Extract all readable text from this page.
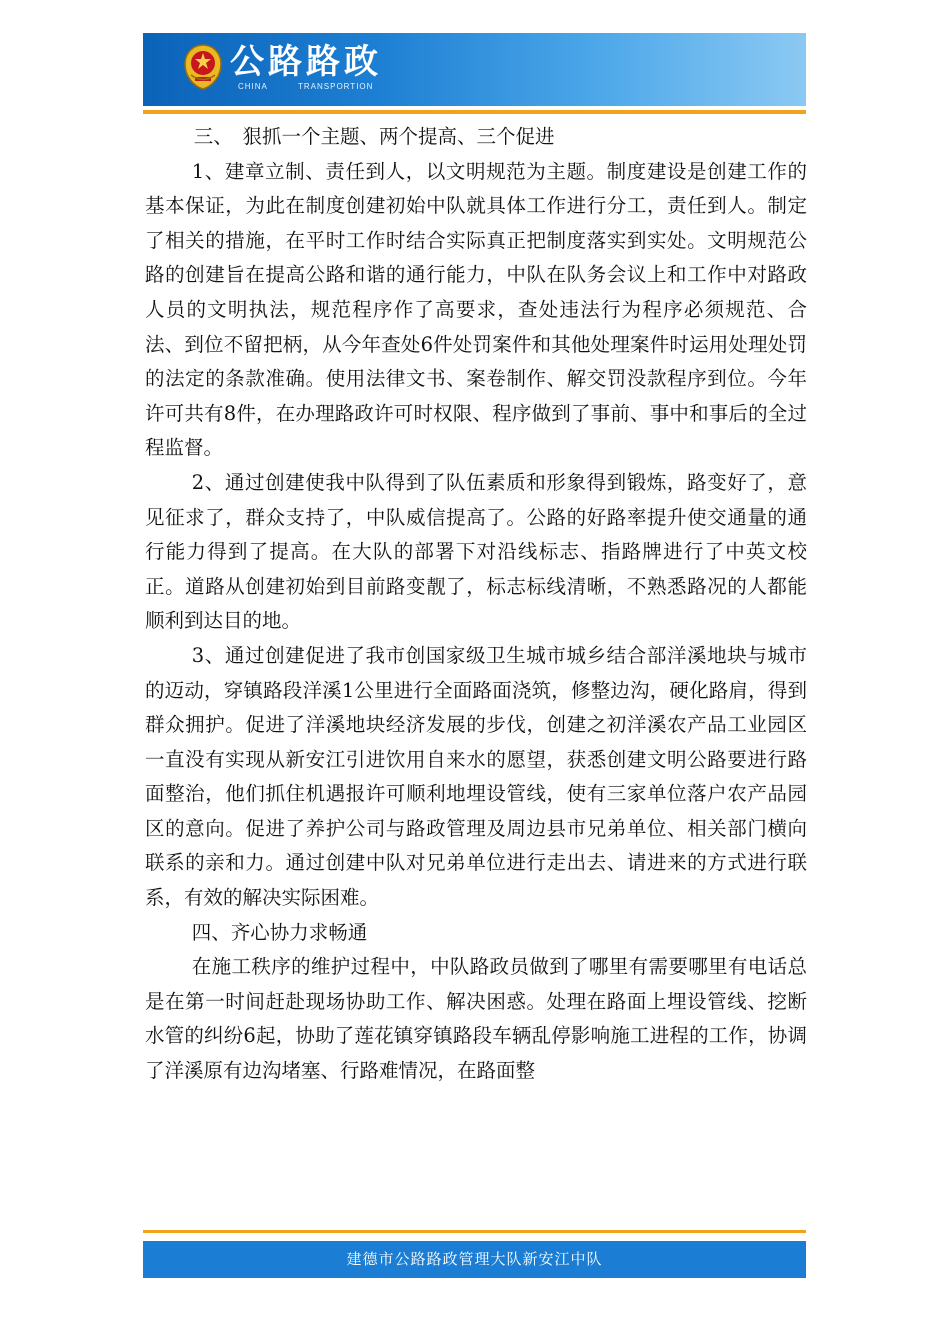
公路路政
CHINA	TRANSPORTION

三、　狠抓一个主题、两个提高、三个促进

1、建章立制、责任到人，以文明规范为主题。制度建设是创建工作的基本保证，为此在制度创建初始中队就具体工作进行分工，责任到人。制定了相关的措施，在平时工作时结合实际真正把制度落实到实处。文明规范公路的创建旨在提高公路和谐的通行能力，中队在队务会议上和工作中对路政人员的文明执法，规范程序作了高要求，查处违法行为程序必须规范、合法、到位不留把柄，从今年查处6件处罚案件和其他处理案件时运用处理处罚的法定的条款准确。使用法律文书、案卷制作、解交罚没款程序到位。今年许可共有8件，在办理路政许可时权限、程序做到了事前、事中和事后的全过程监督。

2、通过创建使我中队得到了队伍素质和形象得到锻炼，路变好了，意见征求了，群众支持了，中队威信提高了。公路的好路率提升使交通量的通行能力得到了提高。在大队的部署下对沿线标志、指路牌进行了中英文校正。道路从创建初始到目前路变靓了，标志标线清晰，不熟悉路况的人都能顺利到达目的地。

3、通过创建促进了我市创国家级卫生城市城乡结合部洋溪地块与城市的迈动，穿镇路段洋溪1公里进行全面路面浇筑，修整边沟，硬化路肩，得到群众拥护。促进了洋溪地块经济发展的步伐，创建之初洋溪农产品工业园区一直没有实现从新安江引进饮用自来水的愿望，获悉创建文明公路要进行路面整治，他们抓住机遇报许可顺利地埋设管线，使有三家单位落户农产品园区的意向。促进了养护公司与路政管理及周边县市兄弟单位、相关部门横向联系的亲和力。通过创建中队对兄弟单位进行走出去、请进来的方式进行联系，有效的解决实际困难。

四、齐心协力求畅通

在施工秩序的维护过程中，中队路政员做到了哪里有需要哪里有电话总是在第一时间赶赴现场协助工作、解决困惑。处理在路面上埋设管线、挖断水管的纠纷6起，协助了莲花镇穿镇路段车辆乱停影响施工进程的工作，协调了洋溪原有边沟堵塞、行路难情况，在路面整

建德市公路路政管理大队新安江中队
